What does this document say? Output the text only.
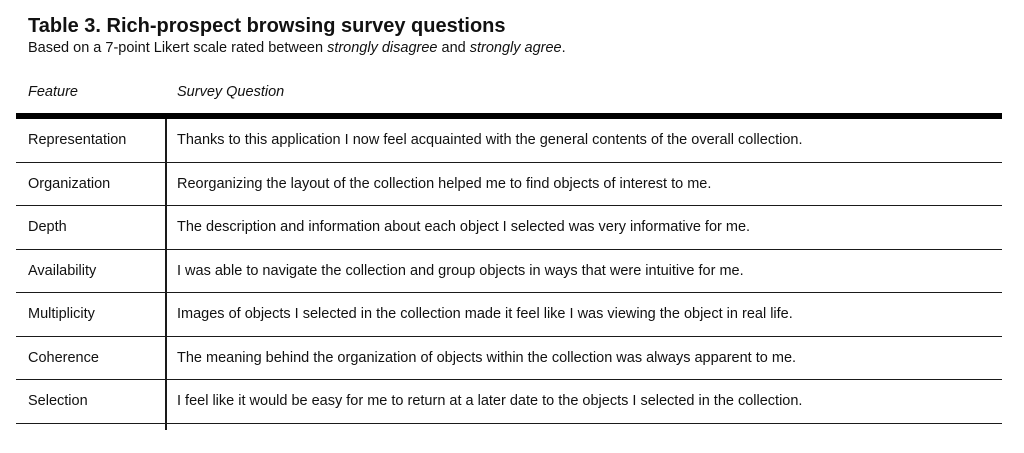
Table 3. Rich-prospect browsing survey questions

Based on a 7-point Likert scale rated between strongly disagree and strongly agree.

Feature	Survey Question
Representation	Thanks to this application I now feel acquainted with the general contents of the overall collection.
Organization	Reorganizing the layout of the collection helped me to find objects of interest to me.
Depth	The description and information about each object I selected was very informative for me.
Availability	I was able to navigate the collection and group objects in ways that were intuitive for me.
Multiplicity	Images of objects I selected in the collection made it feel like I was viewing the object in real life.
Coherence	The meaning behind the organization of objects within the collection was always apparent to me.
Selection	I feel like it would be easy for me to return at a later date to the objects I selected in the collection.
